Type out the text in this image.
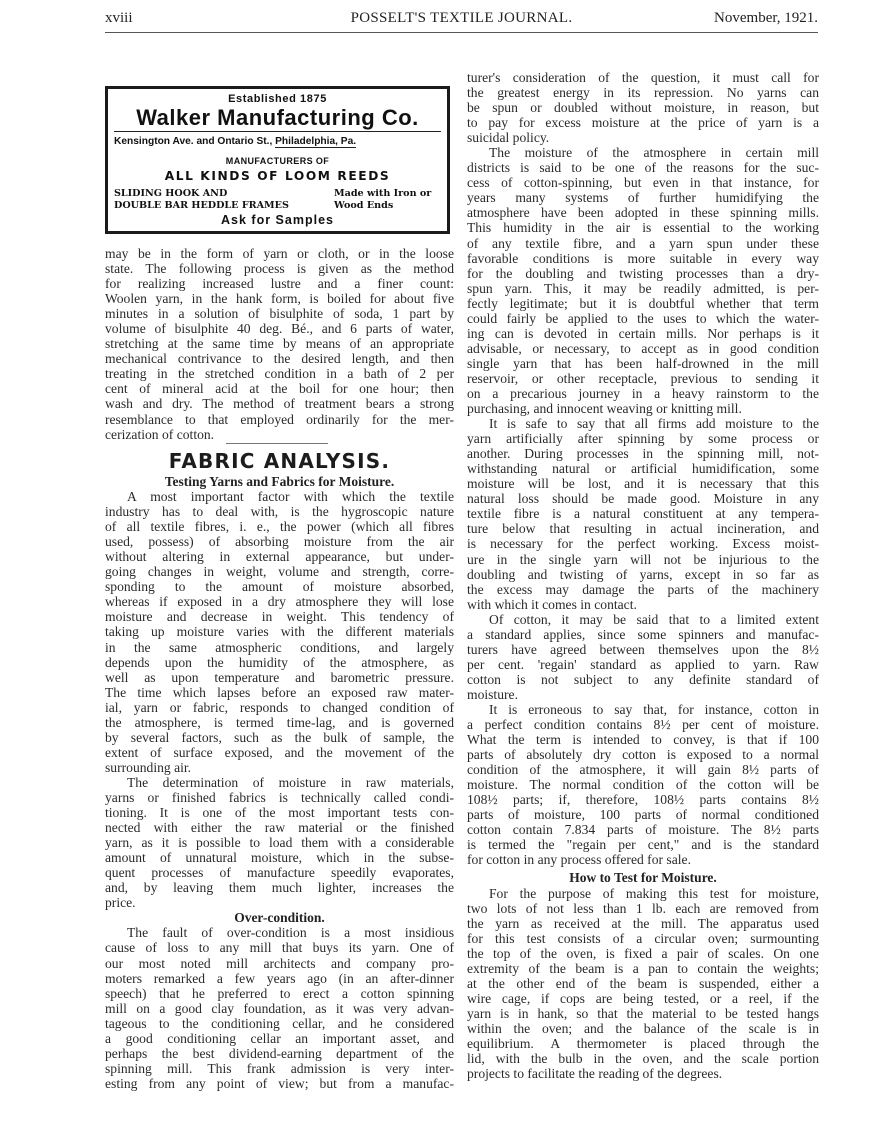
xviii	POSSELT'S TEXTILE JOURNAL.	November, 1921.
Established 1875
Walker Manufacturing Co.
Kensington Ave. and Ontario St., Philadelphia, Pa.
MANUFACTURERS OF
ALL KINDS OF LOOM REEDS
SLIDING HOOK AND
DOUBLE BAR HEDDLE FRAMES
Made with Iron or
Wood Ends
Ask for Samples
may be in the form of yarn or cloth, or in the loose
state. The following process is given as the method
for realizing increased lustre and a finer count:
Woolen yarn, in the hank form, is boiled for about five
minutes in a solution of bisulphite of soda, 1 part by
volume of bisulphite 40 deg. Bé., and 6 parts of water,
stretching at the same time by means of an appropriate
mechanical contrivance to the desired length, and then
treating in the stretched condition in a bath of 2 per
cent of mineral acid at the boil for one hour; then
wash and dry. The method of treatment bears a strong
resemblance to that employed ordinarily for the mer-
cerization of cotton.
FABRIC ANALYSIS.
Testing Yarns and Fabrics for Moisture.
A most important factor with which the textile
industry has to deal with, is the hygroscopic nature
of all textile fibres, i. e., the power (which all fibres
used, possess) of absorbing moisture from the air
without altering in external appearance, but under-
going changes in weight, volume and strength, corre-
sponding to the amount of moisture absorbed,
whereas if exposed in a dry atmosphere they will lose
moisture and decrease in weight. This tendency of
taking up moisture varies with the different materials
in the same atmospheric conditions, and largely
depends upon the humidity of the atmosphere, as
well as upon temperature and barometric pressure.
The time which lapses before an exposed raw mater-
ial, yarn or fabric, responds to changed condition of
the atmosphere, is termed time-lag, and is governed
by several factors, such as the bulk of sample, the
extent of surface exposed, and the movement of the
surrounding air.
The determination of moisture in raw materials,
yarns or finished fabrics is technically called condi-
tioning. It is one of the most important tests con-
nected with either the raw material or the finished
yarn, as it is possible to load them with a considerable
amount of unnatural moisture, which in the subse-
quent processes of manufacture speedily evaporates,
and, by leaving them much lighter, increases the
price.
Over-condition.
The fault of over-condition is a most insidious
cause of loss to any mill that buys its yarn. One of
our most noted mill architects and company pro-
moters remarked a few years ago (in an after-dinner
speech) that he preferred to erect a cotton spinning
mill on a good clay foundation, as it was very advan-
tageous to the conditioning cellar, and he considered
a good conditioning cellar an important asset, and
perhaps the best dividend-earning department of the
spinning mill. This frank admission is very inter-
esting from any point of view; but from a manufac-
turer's consideration of the question, it must call for
the greatest energy in its repression. No yarns can
be spun or doubled without moisture, in reason, but
to pay for excess moisture at the price of yarn is a
suicidal policy.
The moisture of the atmosphere in certain mill
districts is said to be one of the reasons for the suc-
cess of cotton-spinning, but even in that instance, for
years many systems of further humidifying the
atmosphere have been adopted in these spinning mills.
This humidity in the air is essential to the working
of any textile fibre, and a yarn spun under these
favorable conditions is more suitable in every way
for the doubling and twisting processes than a dry-
spun yarn. This, it may be readily admitted, is per-
fectly legitimate; but it is doubtful whether that term
could fairly be applied to the uses to which the water-
ing can is devoted in certain mills. Nor perhaps is it
advisable, or necessary, to accept as in good condition
single yarn that has been half-drowned in the mill
reservoir, or other receptacle, previous to sending it
on a precarious journey in a heavy rainstorm to the
purchasing, and innocent weaving or knitting mill.
It is safe to say that all firms add moisture to the
yarn artificially after spinning by some process or
another. During processes in the spinning mill, not-
withstanding natural or artificial humidification, some
moisture will be lost, and it is necessary that this
natural loss should be made good. Moisture in any
textile fibre is a natural constituent at any tempera-
ture below that resulting in actual incineration, and
is necessary for the perfect working. Excess moist-
ure in the single yarn will not be injurious to the
doubling and twisting of yarns, except in so far as
the excess may damage the parts of the machinery
with which it comes in contact.
Of cotton, it may be said that to a limited extent
a standard applies, since some spinners and manufac-
turers have agreed between themselves upon the 8½
per cent. 'regain' standard as applied to yarn. Raw
cotton is not subject to any definite standard of
moisture.
It is erroneous to say that, for instance, cotton in
a perfect condition contains 8½ per cent of moisture.
What the term is intended to convey, is that if 100
parts of absolutely dry cotton is exposed to a normal
condition of the atmosphere, it will gain 8½ parts of
moisture. The normal condition of the cotton will be
108½ parts; if, therefore, 108½ parts contains 8½
parts of moisture, 100 parts of normal conditioned
cotton contain 7.834 parts of moisture. The 8½ parts
is termed the "regain per cent," and is the standard
for cotton in any process offered for sale.
How to Test for Moisture.
For the purpose of making this test for moisture,
two lots of not less than 1 lb. each are removed from
the yarn as received at the mill. The apparatus used
for this test consists of a circular oven; surmounting
the top of the oven, is fixed a pair of scales. On one
extremity of the beam is a pan to contain the weights;
at the other end of the beam is suspended, either a
wire cage, if cops are being tested, or a reel, if the
yarn is in hank, so that the material to be tested hangs
within the oven; and the balance of the scale is in
equilibrium. A thermometer is placed through the
lid, with the bulb in the oven, and the scale portion
projects to facilitate the reading of the degrees.
